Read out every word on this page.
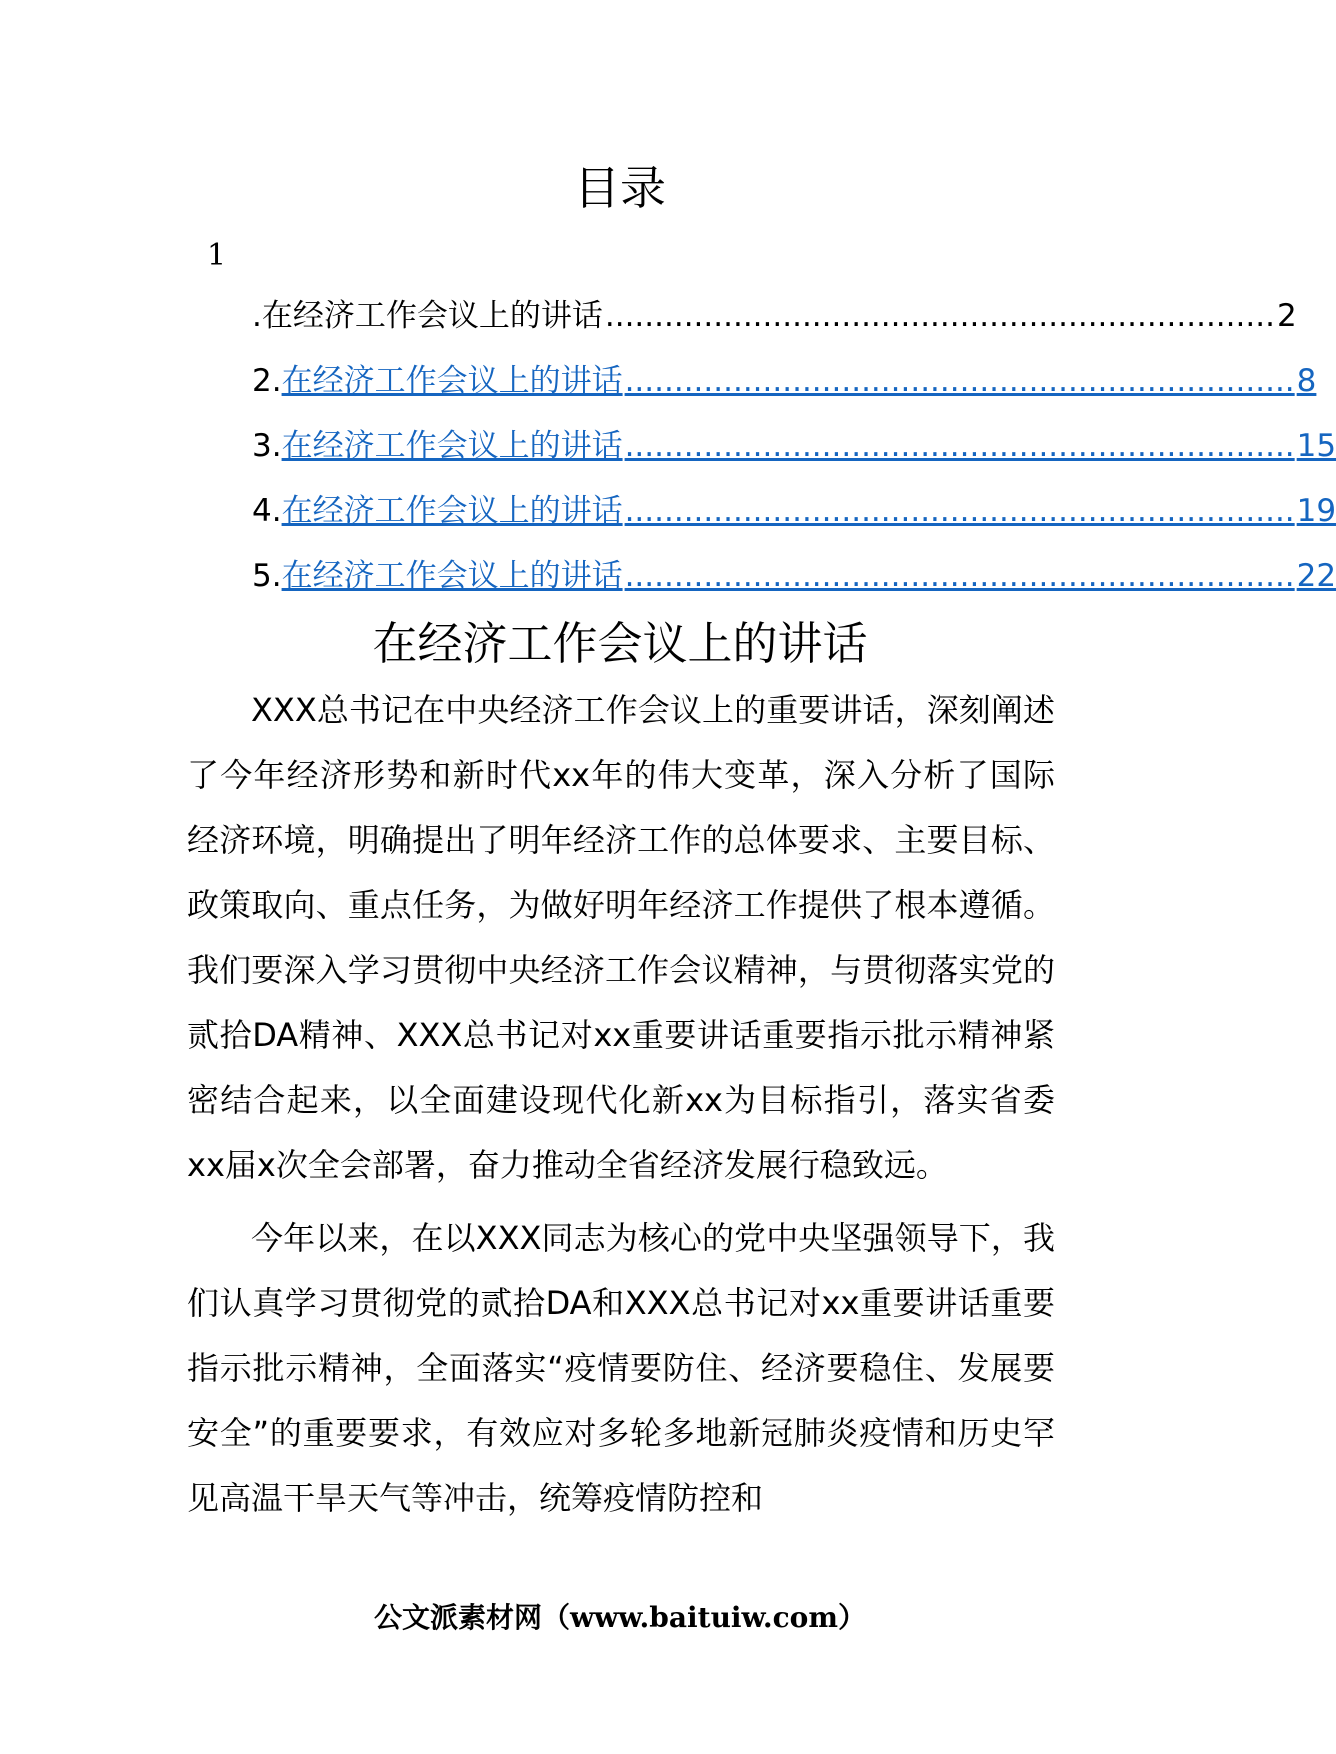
目录
1
.在经济工作会议上的讲话 .................................................................... 2
2. 在经济工作会议上的讲话 .................................................................... 8
3. 在经济工作会议上的讲话 .................................................................... 15
4. 在经济工作会议上的讲话 .................................................................... 19
5. 在经济工作会议上的讲话 .................................................................... 22
在经济工作会议上的讲话

XXX总书记在中央经济工作会议上的重要讲话，深刻阐述了今年经济形势和新时代xx年的伟大变革，深入分析了国际经济环境，明确提出了明年经济工作的总体要求、主要目标、政策取向、重点任务，为做好明年经济工作提供了根本遵循。我们要深入学习贯彻中央经济工作会议精神，与贯彻落实党的贰拾DA精神、XXX总书记对xx重要讲话重要指示批示精神紧密结合起来，以全面建设现代化新xx为目标指引，落实省委xx届x次全会部署，奋力推动全省经济发展行稳致远。

今年以来，在以XXX同志为核心的党中央坚强领导下，我们认真学习贯彻党的贰拾DA和XXX总书记对xx重要讲话重要指示批示精神，全面落实“疫情要防住、经济要稳住、发展要安全”的重要要求，有效应对多轮多地新冠肺炎疫情和历史罕见高温干旱天气等冲击，统筹疫情防控和

公文派素材网（www.baituiw.com）
